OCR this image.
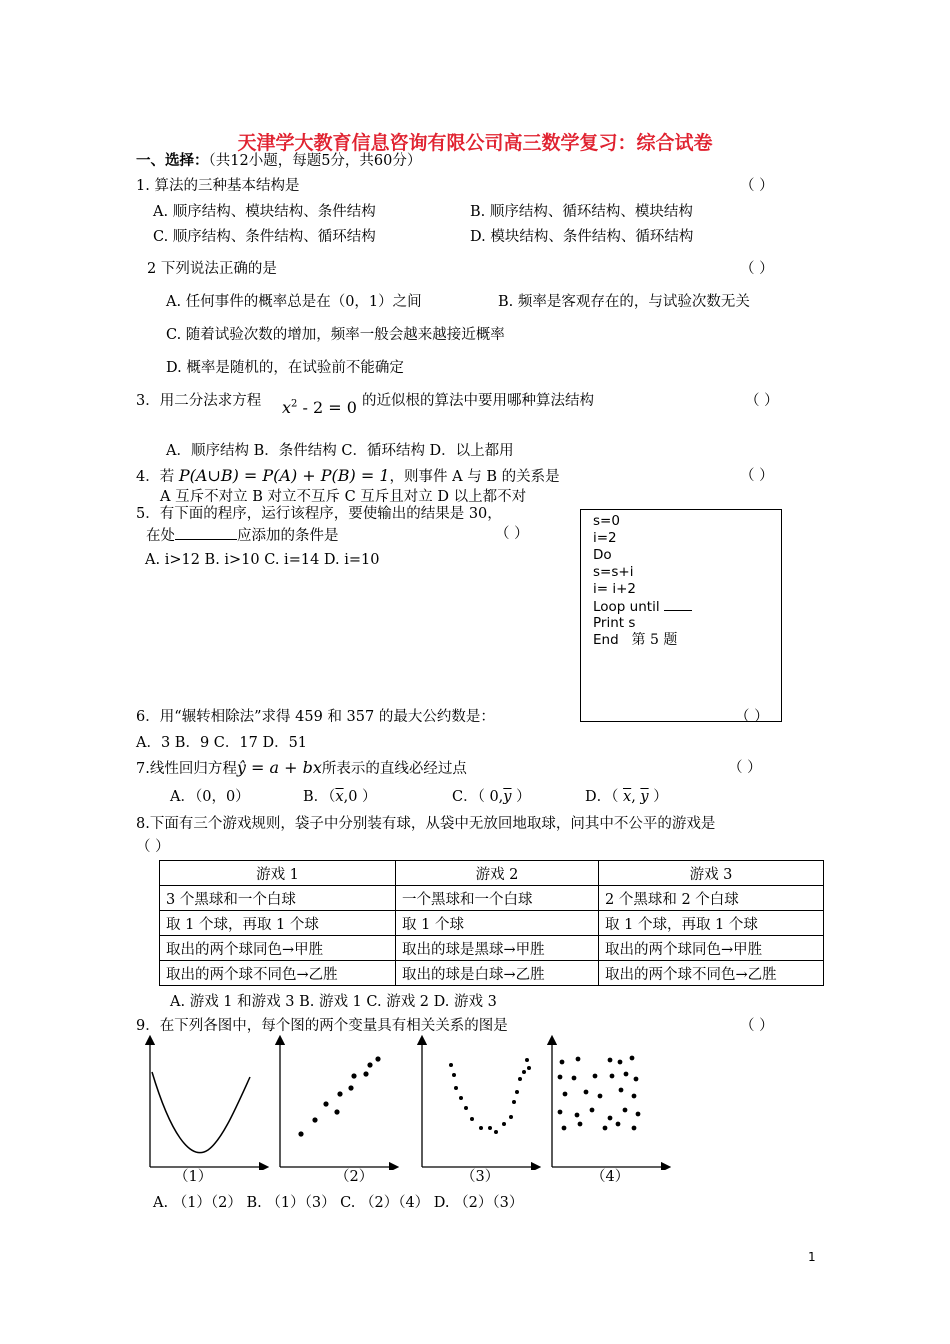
天津学大教育信息咨询有限公司高三数学复习：综合试卷
一、选择：（共12小题，每题5分，共60分）
1. 算法的三种基本结构是	（ ）
A. 顺序结构、模块结构、条件结构	B. 顺序结构、循环结构、模块结构
C. 顺序结构、条件结构、循环结构	D. 模块结构、条件结构、循环结构
2 下列说法正确的是	（ ）
A. 任何事件的概率总是在（0，1）之间	B. 频率是客观存在的，与试验次数无关
C. 随着试验次数的增加，频率一般会越来越接近概率
D. 概率是随机的，在试验前不能确定
3．用二分法求方程 $x^2 - 2 = 0$ 的近似根的算法中要用哪种算法结构	（ ）
A．顺序结构 B．条件结构 C．循环结构 D．以上都用
4．若 P(A∪B) = P(A) + P(B) = 1，则事件 A 与 B 的关系是	（ ）
A 互斥不对立 B 对立不互斥 C 互斥且对立 D 以上都不对
5．有下面的程序，运行该程序，要使输出的结果是 30，
在处	应添加的条件是	（ ）
A. i>12 B. i>10 C. i=14 D. i=10
s=0
i=2
Do
s=s+i
i= i+2
Loop until
Print s
End 第 5 题
6．用“辗转相除法”求得 459 和 357 的最大公约数是：	（ ）
A．3 B．9 C．17 D．51
7.线性回归方程ŷ = a + bx所表示的直线必经过点	（ ）
A．（0，0）	B．（$\overline{x},0$ ）	C．（ $0,\overline{y}$ ）	D．（ $\overline{x}$, $\overline{y}$ ）
8.下面有三个游戏规则，袋子中分别装有球，从袋中无放回地取球，问其中不公平的游戏是
（ ）
游戏 1	游戏 2	游戏 3
3 个黑球和一个白球	一个黑球和一个白球	2 个黑球和 2 个白球
取 1 个球，再取 1 个球	取 1 个球	取 1 个球，再取 1 个球
取出的两个球同色→甲胜	取出的球是黑球→甲胜	取出的两个球同色→甲胜
取出的两个球不同色→乙胜	取出的球是白球→乙胜	取出的两个球不同色→乙胜
A. 游戏 1 和游戏 3 B. 游戏 1 C. 游戏 2 D. 游戏 3
9．在下列各图中，每个图的两个变量具有相关关系的图是	（ ）
（1）	（2）	（3）	（4）
A. （1）（2） B. （1）（3） C. （2）（4） D. （2）（3）
1
